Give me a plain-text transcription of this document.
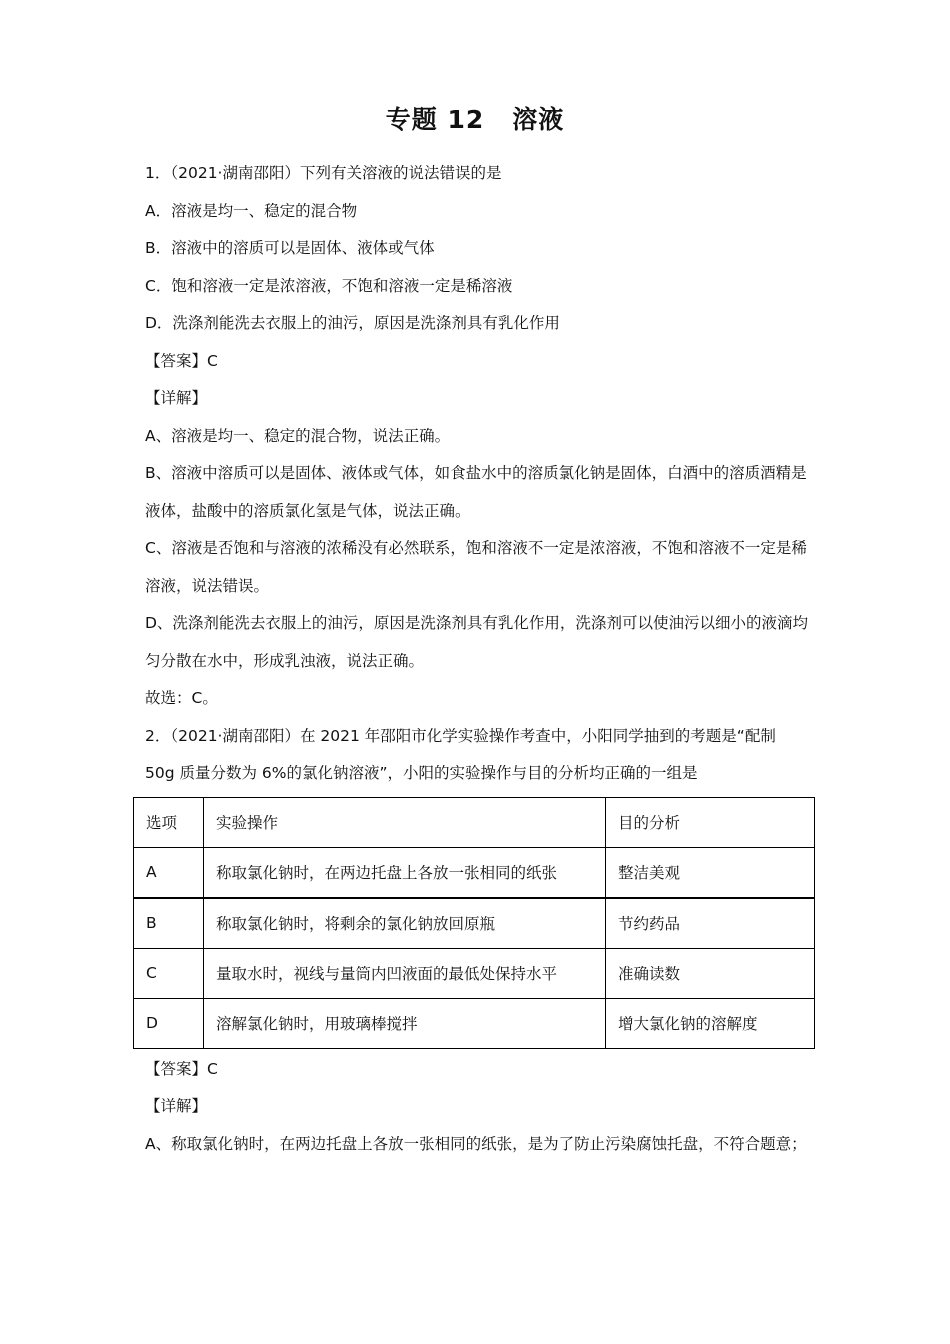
专题 12 溶液
1．（2021·湖南邵阳）下列有关溶液的说法错误的是
A．溶液是均一、稳定的混合物
B．溶液中的溶质可以是固体、液体或气体
C．饱和溶液一定是浓溶液，不饱和溶液一定是稀溶液
D．洗涤剂能洗去衣服上的油污，原因是洗涤剂具有乳化作用
【答案】C
【详解】
A、溶液是均一、稳定的混合物，说法正确。
B、溶液中溶质可以是固体、液体或气体，如食盐水中的溶质氯化钠是固体，白酒中的溶质酒精是液体，盐酸中的溶质氯化氢是气体，说法正确。
C、溶液是否饱和与溶液的浓稀没有必然联系，饱和溶液不一定是浓溶液，不饱和溶液不一定是稀溶液，说法错误。
D、洗涤剂能洗去衣服上的油污，原因是洗涤剂具有乳化作用，洗涤剂可以使油污以细小的液滴均匀分散在水中，形成乳浊液，说法正确。
故选：C。
2．（2021·湖南邵阳）在 2021 年邵阳市化学实验操作考查中，小阳同学抽到的考题是“配制
50g 质量分数为 6%的氯化钠溶液”，小阳的实验操作与目的分析均正确的一组是
选项	实验操作	目的分析
A	称取氯化钠时，在两边托盘上各放一张相同的纸张	整洁美观
B	称取氯化钠时，将剩余的氯化钠放回原瓶	节约药品
C	量取水时，视线与量筒内凹液面的最低处保持水平	准确读数
D	溶解氯化钠时，用玻璃棒搅拌	增大氯化钠的溶解度
【答案】C
【详解】
A、称取氯化钠时，在两边托盘上各放一张相同的纸张，是为了防止污染腐蚀托盘，不符合题意；
